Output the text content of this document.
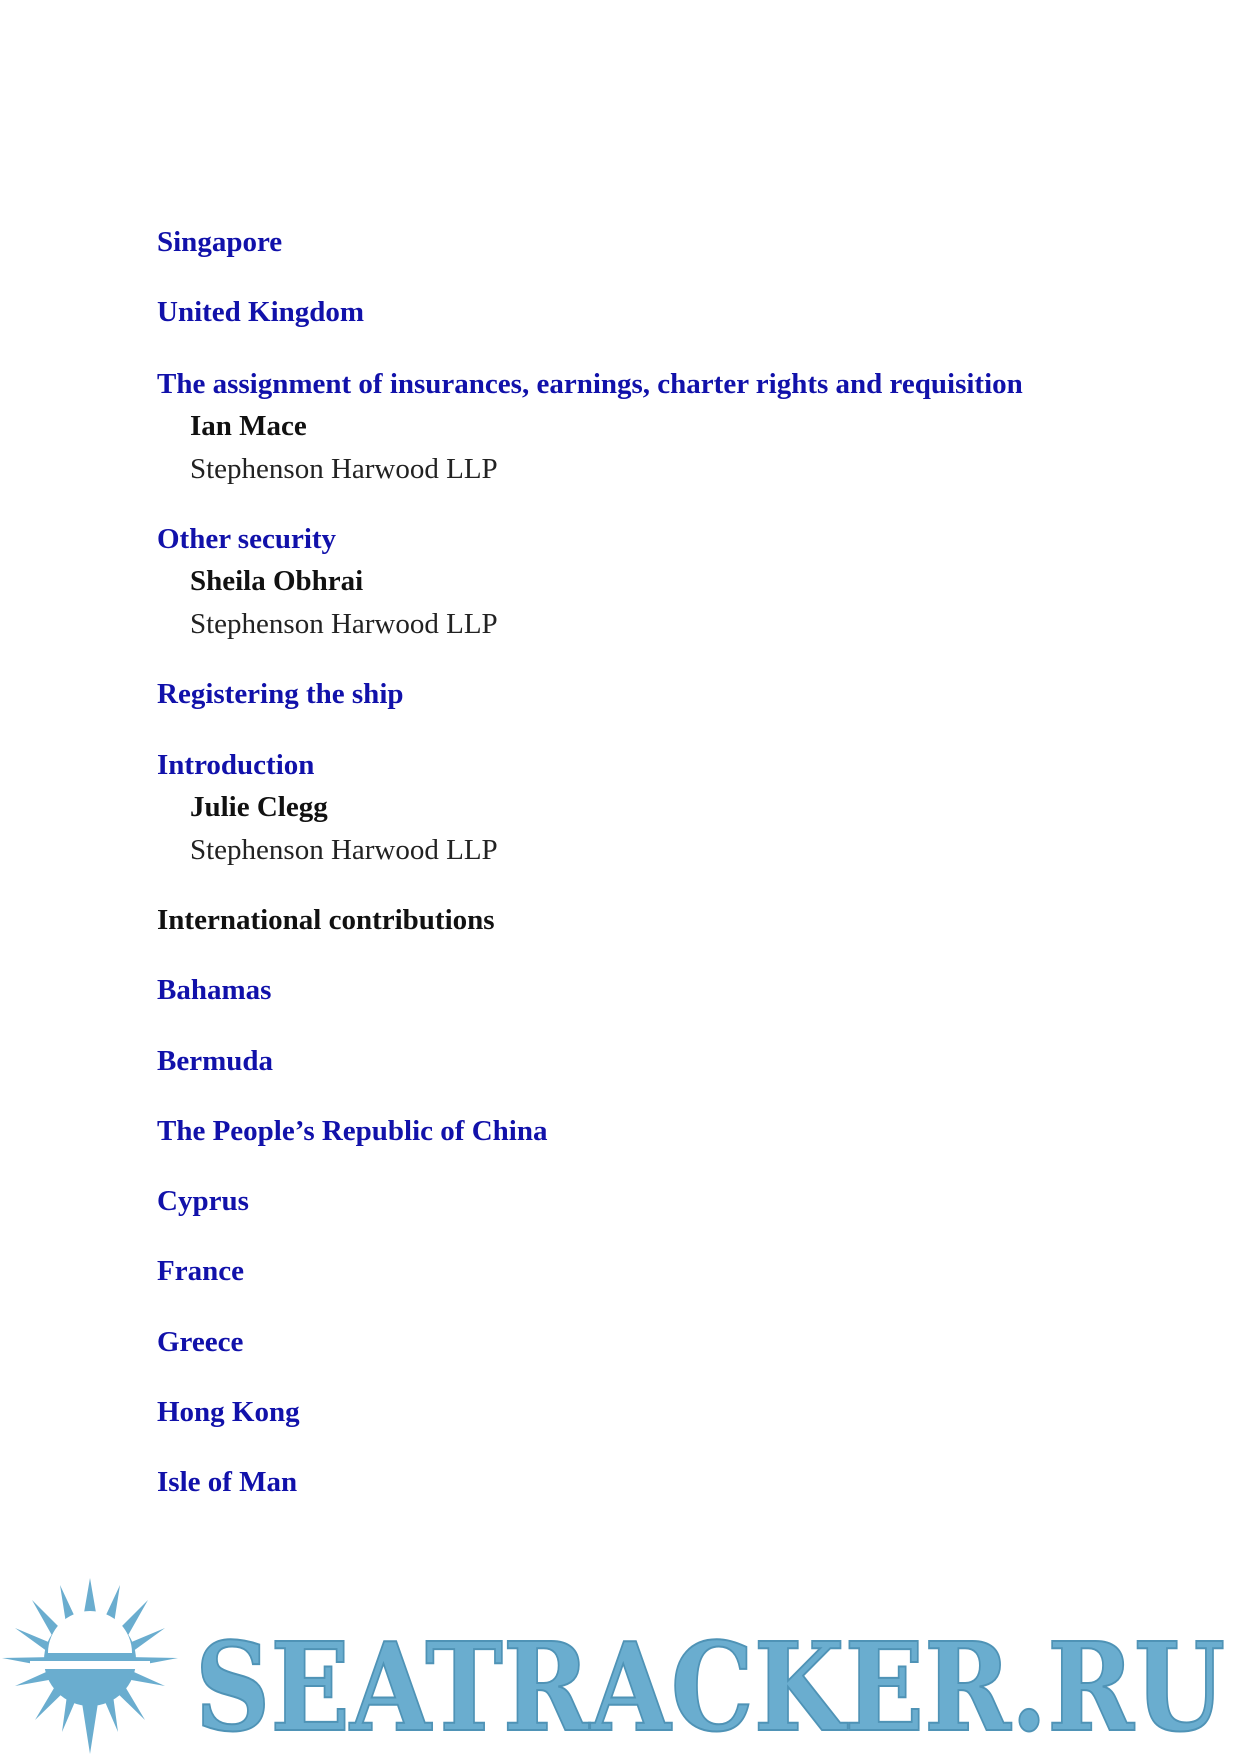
Singapore
United Kingdom
The assignment of insurances, earnings, charter rights and requisition
Ian Mace
Stephenson Harwood LLP
Other security
Sheila Obhrai
Stephenson Harwood LLP
Registering the ship
Introduction
Julie Clegg
Stephenson Harwood LLP
International contributions
Bahamas
Bermuda
The People’s Republic of China
Cyprus
France
Greece
Hong Kong
Isle of Man
SEATRACKER.RU
